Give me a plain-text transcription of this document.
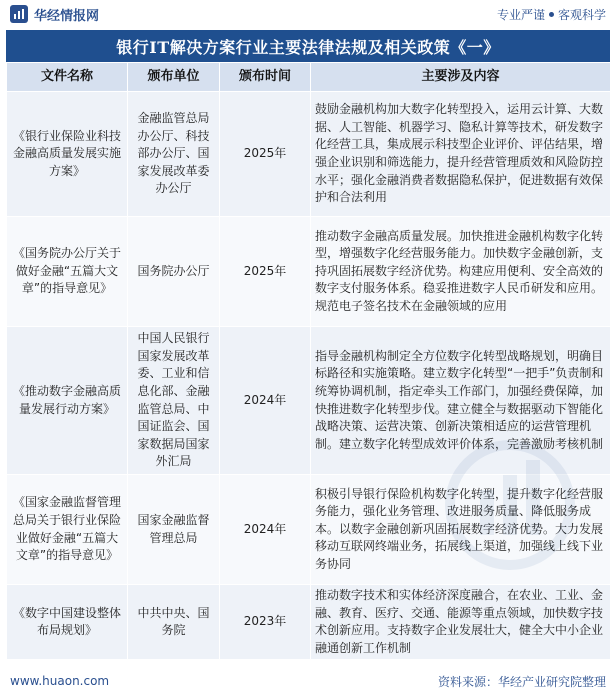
华经情报网	专业严谨 客观科学
银行IT解决方案行业主要法律法规及相关政策《一》
文件名称	颁布单位	颁布时间	主要涉及内容
《银行业保险业科技金融高质量发展实施方案》	金融监管总局办公厅、科技部办公厅、国家发展改革委办公厅	2025年	鼓励金融机构加大数字化转型投入，运用云计算、大数据、人工智能、机器学习、隐私计算等技术，研发数字化经营工具，集成展示科技型企业评价、评估结果，增强企业识别和筛选能力，提升经营管理质效和风险防控水平；强化金融消费者数据隐私保护，促进数据有效保护和合法利用
《国务院办公厅关于做好金融“五篇大文章”的指导意见》	国务院办公厅	2025年	推动数字金融高质量发展。加快推进金融机构数字化转型，增强数字化经营服务能力。加快数字金融创新，支持巩固拓展数字经济优势。构建应用便利、安全高效的数字支付服务体系。稳妥推进数字人民币研发和应用。规范电子签名技术在金融领域的应用
《推动数字金融高质量发展行动方案》	中国人民银行国家发展改革委、工业和信息化部、金融监管总局、中国证监会、国家数据局国家外汇局	2024年	指导金融机构制定全方位数字化转型战略规划，明确目标路径和实施策略。建立数字化转型“一把手”负责制和统筹协调机制，指定牵头工作部门，加强经费保障，加快推进数字化转型步伐。建立健全与数据驱动下智能化战略决策、运营决策、创新决策相适应的运营管理机制。建立数字化转型成效评价体系，完善激励考核机制
《国家金融监督管理总局关于银行业保险业做好金融“五篇大文章”的指导意见》	国家金融监督管理总局	2024年	积极引导银行保险机构数字化转型，提升数字化经营服务能力，强化业务管理、改进服务质量、降低服务成本。以数字金融创新巩固拓展数字经济优势。大力发展移动互联网终端业务，拓展线上渠道，加强线上线下业务协同
《数字中国建设整体布局规划》	中共中央、国务院	2023年	推动数字技术和实体经济深度融合，在农业、工业、金融、教育、医疗、交通、能源等重点领域，加快数字技术创新应用。支持数字企业发展壮大，健全大中小企业融通创新工作机制
www.huaon.com	资料来源：华经产业研究院整理
